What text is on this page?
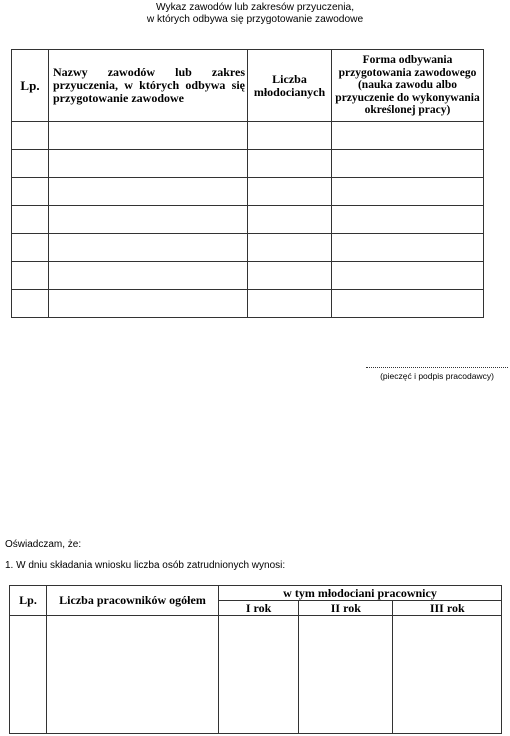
Wykaz zawodów lub zakresów przyuczenia,
w których odbywa się przygotowanie zawodowe
Lp.	Nazwy zawodów lub zakres przyuczenia, w których odbywa się przygotowanie zawodowe	Liczba młodocianych	Forma odbywania przygotowania zawodowego (nauka zawodu albo przyuczenie do wykonywania określonej pracy)

(pieczęć i podpis pracodawcy)
Oświadczam, że:
1. W dniu składania wniosku liczba osób zatrudnionych wynosi:
Lp.	Liczba pracowników ogółem	w tym młodociani pracownicy		
		I rok	II rok	III rok
